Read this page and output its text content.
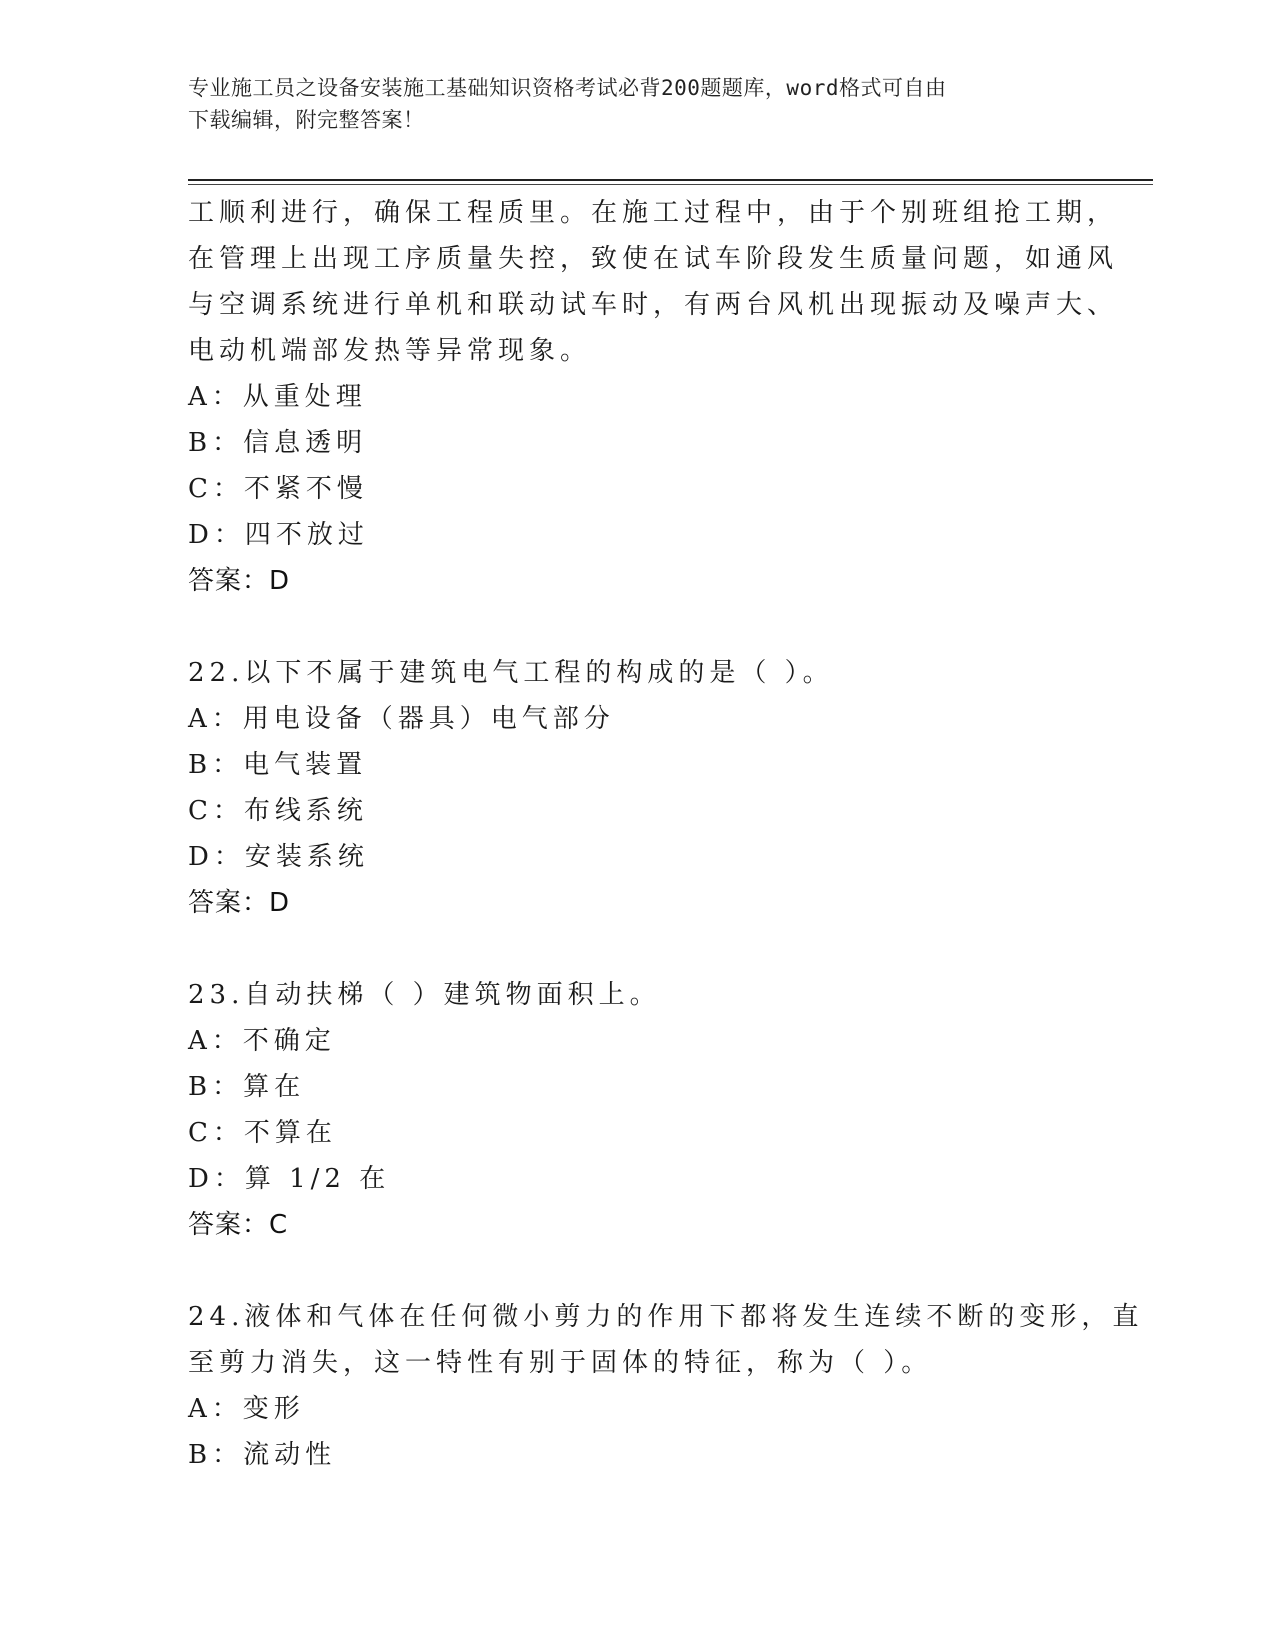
专业施工员之设备安装施工基础知识资格考试必背200题题库，word格式可自由
下载编辑，附完整答案！
工顺利进行，确保工程质里。在施工过程中，由于个别班组抢工期，
在管理上出现工序质量失控，致使在试车阶段发生质量问题，如通风
与空调系统进行单机和联动试车时，有两台风机出现振动及噪声大、
电动机端部发热等异常现象。
A：从重处理
B：信息透明
C：不紧不慢
D：四不放过
答案：D
22.以下不属于建筑电气工程的构成的是（ ）。
A：用电设备（器具）电气部分
B：电气装置
C：布线系统
D：安装系统
答案：D
23.自动扶梯（ ）建筑物面积上。
A：不确定
B：算在
C：不算在
D：算 1/2 在
答案：C
24.液体和气体在任何微小剪力的作用下都将发生连续不断的变形，直
至剪力消失，这一特性有别于固体的特征，称为（ ）。
A：变形
B：流动性
